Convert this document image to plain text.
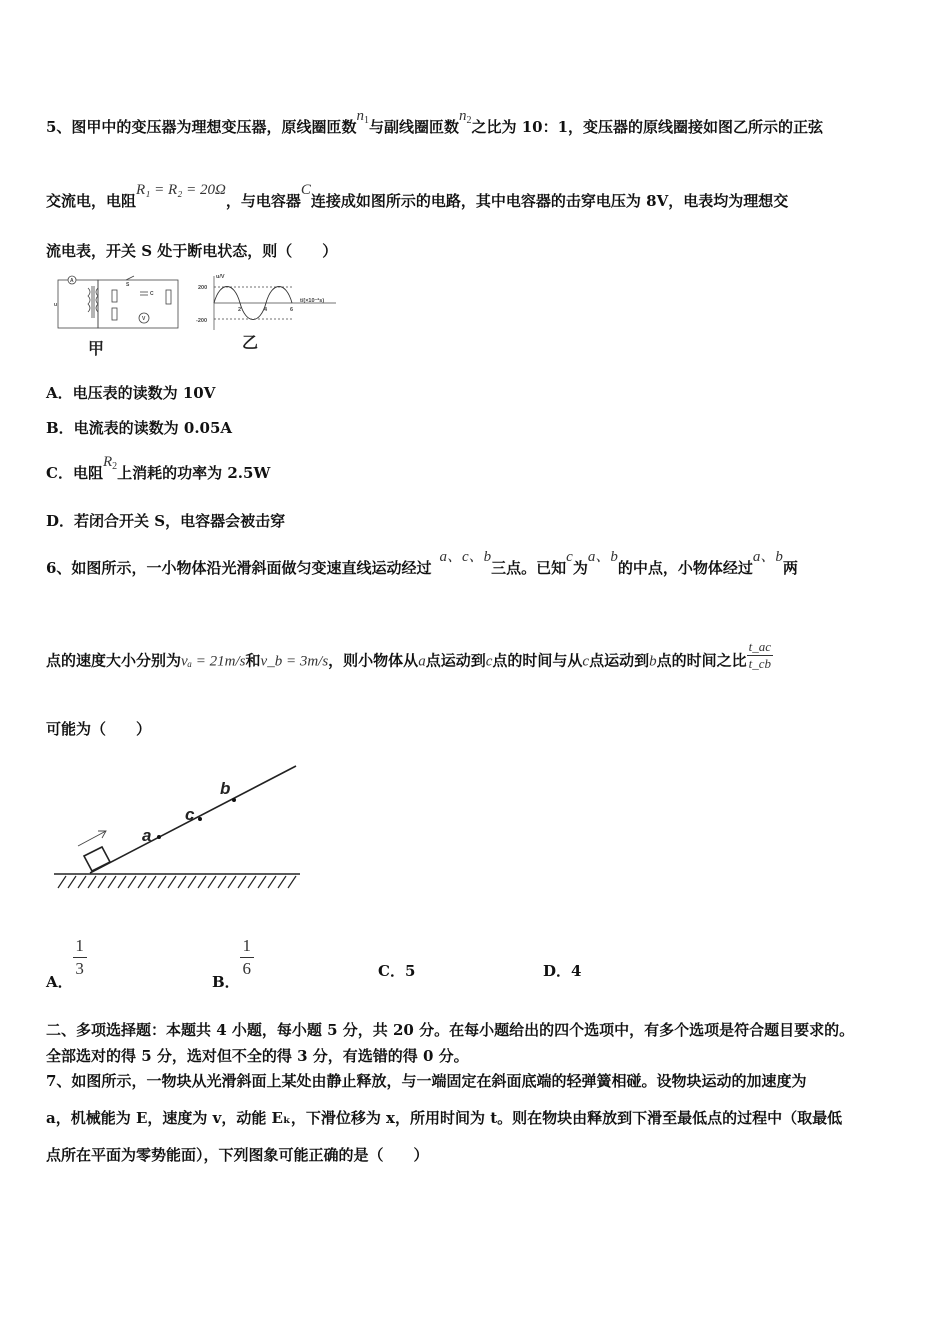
5、图甲中的变压器为理想变压器，原线圈匝数$n_1$与副线圈匝数$n_2$之比为 10：1，变压器的原线圈接如图乙所示的正弦
交流电，电阻R₁ = R₂ = 20Ω，与电容器C连接成如图所示的电路，其中电容器的击穿电压为 8V，电表均为理想交
流电表，开关 S 处于断电状态，则（　　）
A
V
u
S
C
甲
200
-200
u/V
2	4	6
t/(×10⁻²s)
乙
A．电压表的读数为 10V
B．电流表的读数为 0.05A
C．电阻$R_2$上消耗的功率为 2.5W
D．若闭合开关 S，电容器会被击穿
6、如图所示，一小物体沿光滑斜面做匀变速直线运动经过a、c、b三点。已知c为a、b的中点，小物体经过a、b两
点的速度大小分别为vₐ = 21m/s和v_b = 3m/s，则小物体从a点运动到c点的时间与从c点运动到b点的时间之比 $\frac{t\_ac}{t\_cb}$
可能为（　　）
a
c
b
A．
$\frac{1}{3}$
B．
$\frac{1}{6}$	C．5	D．4
二、多项选择题：本题共 4 小题，每小题 5 分，共 20 分。在每小题给出的四个选项中，有多个选项是符合题目要求的。
全部选对的得 5 分，选对但不全的得 3 分，有选错的得 0 分。
7、如图所示，一物块从光滑斜面上某处由静止释放，与一端固定在斜面底端的轻弹簧相碰。设物块运动的加速度为
a，机械能为 E，速度为 v，动能 Eₖ，下滑位移为 x，所用时间为 t。则在物块由释放到下滑至最低点的过程中（取最低
点所在平面为零势能面），下列图象可能正确的是（　　）
